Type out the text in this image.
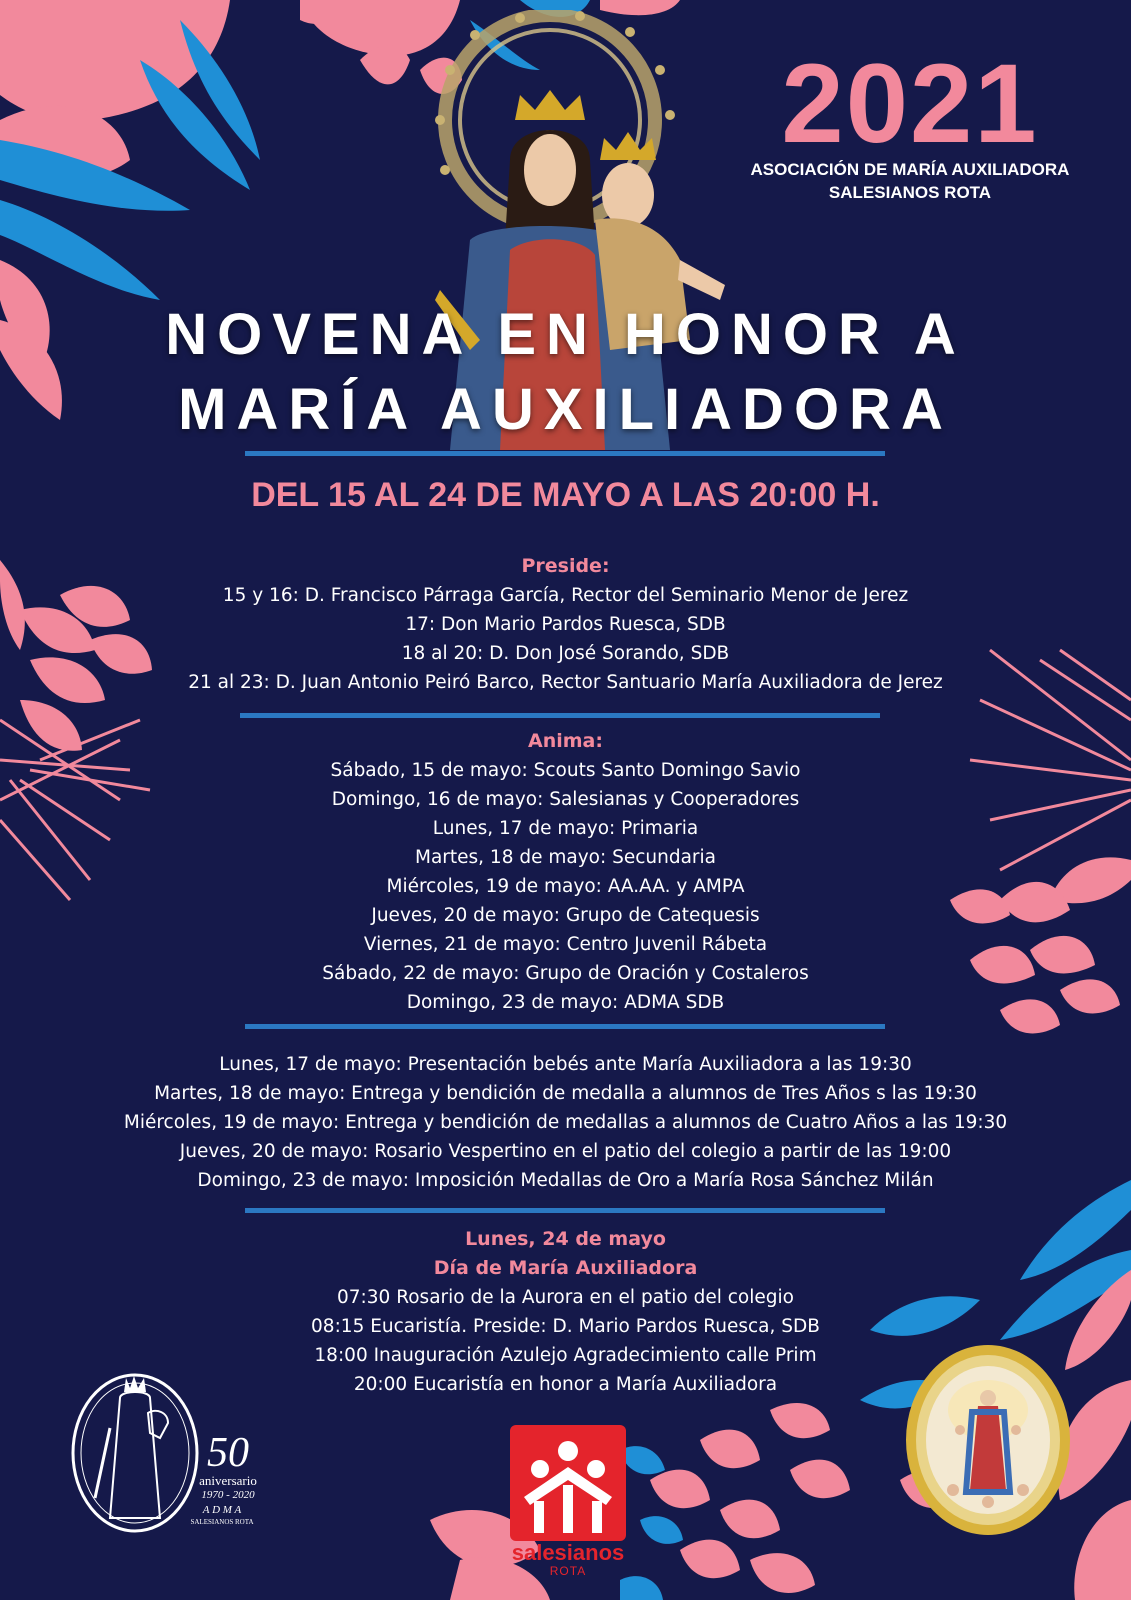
2021
ASOCIACIÓN DE MARÍA AUXILIADORA
SALESIANOS ROTA
NOVENA EN HONOR A
MARÍA AUXILIADORA
DEL 15 AL 24 DE MAYO A LAS 20:00 H.
Preside:
15 y 16: D. Francisco Párraga García, Rector del Seminario Menor de Jerez
17: Don Mario Pardos Ruesca, SDB
18 al 20: D. Don José Sorando, SDB
21 al 23: D. Juan Antonio Peiró Barco, Rector Santuario María Auxiliadora de Jerez
Anima:
Sábado, 15 de mayo: Scouts Santo Domingo Savio
Domingo, 16 de mayo: Salesianas y Cooperadores
Lunes, 17 de mayo: Primaria
Martes, 18 de mayo: Secundaria
Miércoles, 19 de mayo: AA.AA. y AMPA
Jueves, 20 de mayo: Grupo de Catequesis
Viernes, 21 de mayo: Centro Juvenil Rábeta
Sábado, 22 de mayo: Grupo de Oración y Costaleros
Domingo, 23 de mayo: ADMA SDB
Lunes, 17 de mayo: Presentación bebés ante María Auxiliadora a las 19:30
Martes, 18 de mayo: Entrega y bendición de medalla a alumnos de Tres Años s las 19:30
Miércoles, 19 de mayo: Entrega y bendición de medallas a alumnos de Cuatro Años a las 19:30
Jueves, 20 de mayo: Rosario Vespertino en el patio del colegio a partir de las 19:00
Domingo, 23 de mayo: Imposición Medallas de Oro a María Rosa Sánchez Milán
Lunes, 24 de mayo
Día de María Auxiliadora
07:30 Rosario de la Aurora en el patio del colegio
08:15 Eucaristía. Preside: D. Mario Pardos Ruesca, SDB
18:00 Inauguración Azulejo Agradecimiento calle Prim
20:00 Eucaristía en honor a María Auxiliadora
50
aniversario
1970 - 2020
A D M A
SALESIANOS ROTA
salesianos
ROTA
